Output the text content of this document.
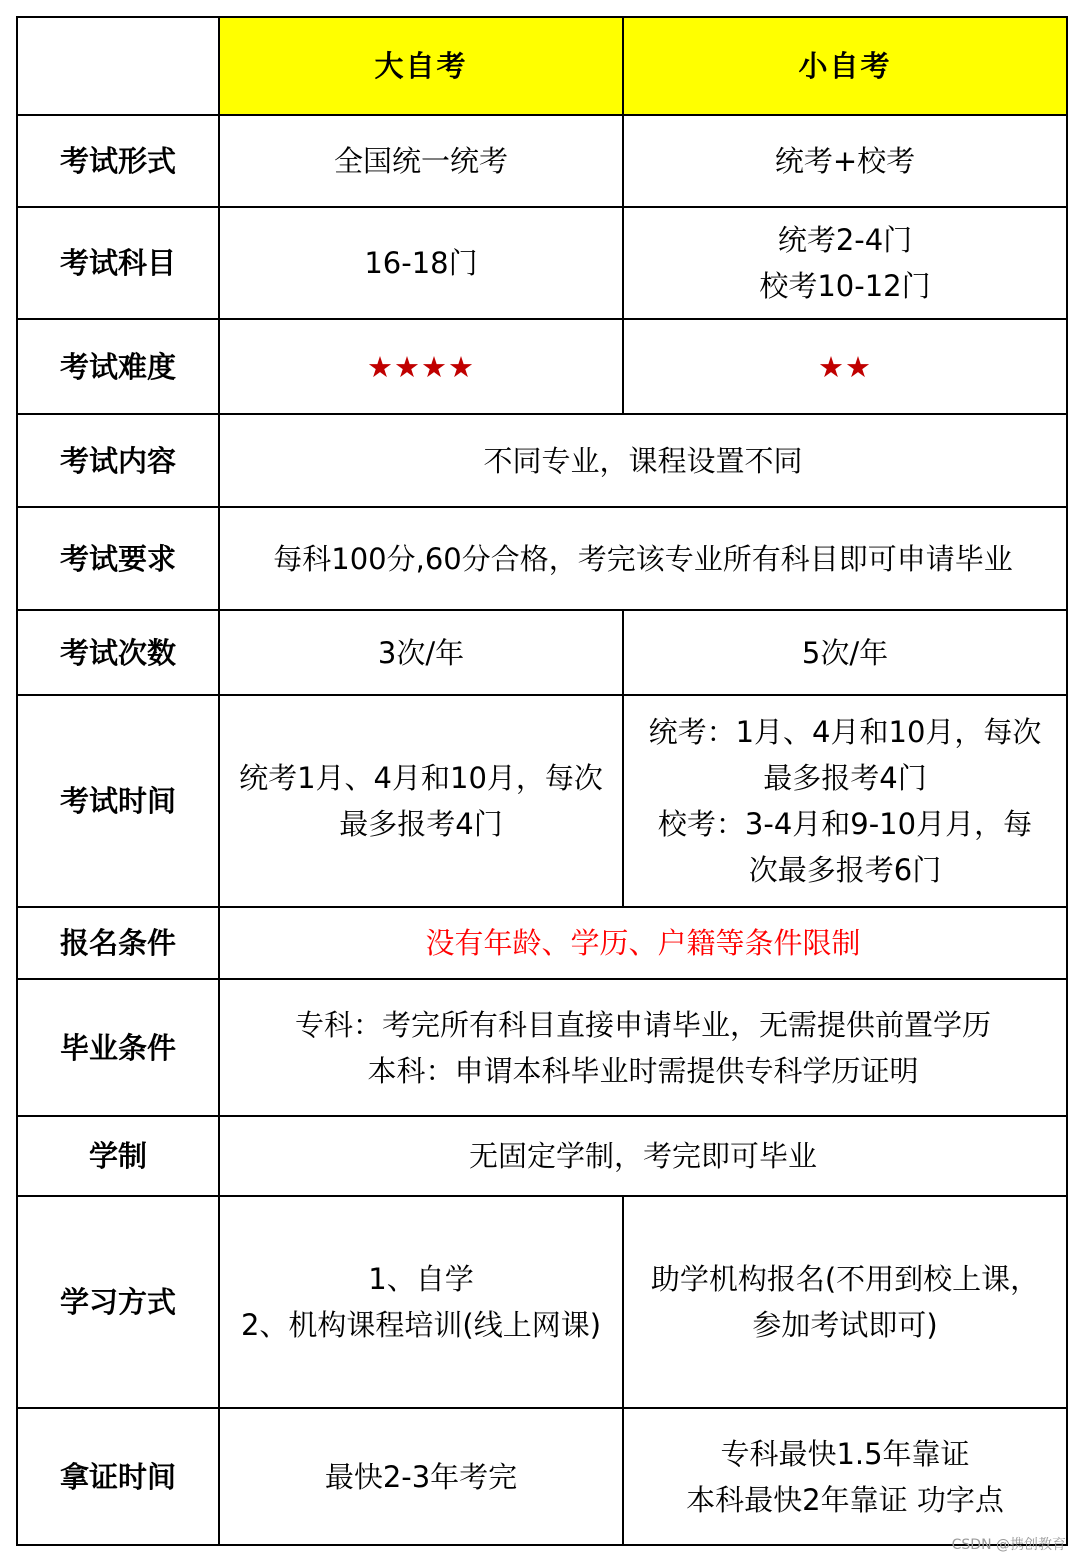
	大自考	小自考
考试形式	全国统一统考	统考+校考
考试科目	16-18门	统考2-4门
校考10-12门

考试难度	★★★★	★★
考试内容	不同专业，课程设置不同	
考试要求	每科100分,60分合格，考完该专业所有科目即可申请毕业	

考试次数	3次/年	5次/年
考试时间	统考1月、4月和10月，每次
最多报考4门	统考：1月、4月和10月，每次
最多报考4门
校考：3-4月和9-10月月，每
次最多报考6门

报名条件	没有年龄、学历、户籍等条件限制	
毕业条件	专科：考完所有科目直接申请毕业，无需提供前置学历
本科：申谓本科毕业时需提供专科学历证明	

学制	无固定学制，考完即可毕业	
学习方式	1、自学
2、机构课程培训(线上网课)	助学机构报名(不用到校上课，
参加考试即可)

拿证时间	最快2-3年考完	专科最快1.5年靠证
本科最快2年靠证 功字点
CSDN @携创教育
